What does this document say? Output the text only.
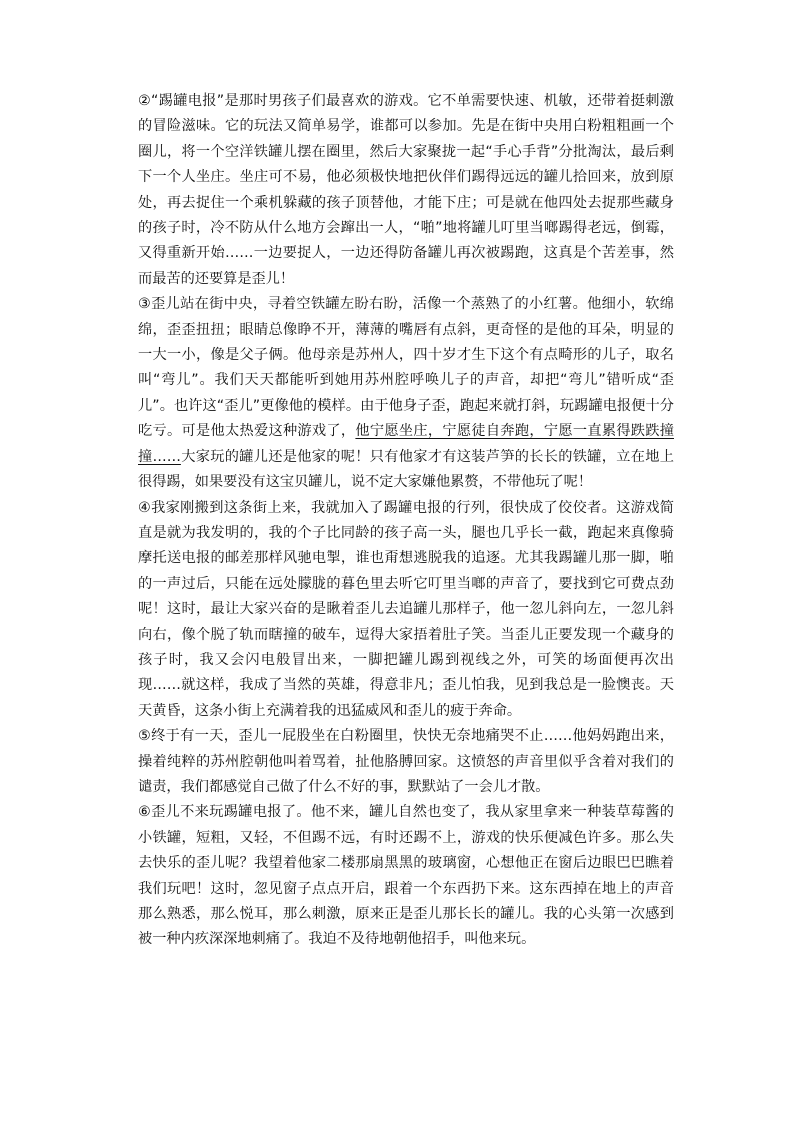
②“踢罐电报”是那时男孩子们最喜欢的游戏。它不单需要快速、机敏，还带着挺刺激的冒险滋味。它的玩法又简单易学，谁都可以参加。先是在街中央用白粉粗粗画一个圈儿，将一个空洋铁罐儿摆在圈里，然后大家聚拢一起“手心手背”分批淘汰，最后剩下一个人坐庄。坐庄可不易，他必须极快地把伙伴们踢得远远的罐儿拾回来，放到原处，再去捉住一个乘机躲藏的孩子顶替他，才能下庄；可是就在他四处去捉那些藏身的孩子时，冷不防从什么地方会蹿出一人，“啪”地将罐儿叮里当啷踢得老远，倒霉，又得重新开始……一边要捉人，一边还得防备罐儿再次被踢跑，这真是个苦差事，然而最苦的还要算是歪儿！

③歪儿站在街中央，寻着空铁罐左盼右盼，活像一个蒸熟了的小红薯。他细小，软绵绵，歪歪扭扭；眼睛总像睁不开，薄薄的嘴唇有点斜，更奇怪的是他的耳朵，明显的一大一小，像是父子俩。他母亲是苏州人，四十岁才生下这个有点畸形的儿子，取名叫“弯儿”。我们天天都能听到她用苏州腔呼唤儿子的声音，却把“弯儿”错听成“歪儿”。也许这“歪儿”更像他的模样。由于他身子歪，跑起来就打斜，玩踢罐电报便十分吃亏。可是他太热爱这种游戏了，他宁愿坐庄，宁愿徒自奔跑，宁愿一直累得跌跌撞撞……大家玩的罐儿还是他家的呢！只有他家才有这装芦笋的长长的铁罐，立在地上很得踢，如果要没有这宝贝罐儿，说不定大家嫌他累赘，不带他玩了呢！

④我家刚搬到这条街上来，我就加入了踢罐电报的行列，很快成了佼佼者。这游戏简直是就为我发明的，我的个子比同龄的孩子高一头，腿也几乎长一截，跑起来真像骑摩托送电报的邮差那样风驰电掣，谁也甭想逃脱我的追逐。尤其我踢罐儿那一脚，啪的一声过后，只能在远处朦胧的暮色里去听它叮里当啷的声音了，要找到它可费点劲呢！这时，最让大家兴奋的是瞅着歪儿去追罐儿那样子，他一忽儿斜向左，一忽儿斜向右，像个脱了轨而瞎撞的破车，逗得大家捂着肚子笑。当歪儿正要发现一个藏身的孩子时，我又会闪电般冒出来，一脚把罐儿踢到视线之外，可笑的场面便再次出现……就这样，我成了当然的英雄，得意非凡；歪儿怕我，见到我总是一脸懊丧。天天黄昏，这条小街上充满着我的迅猛威风和歪儿的疲于奔命。

⑤终于有一天，歪儿一屁股坐在白粉圈里，快快无奈地痛哭不止……他妈妈跑出来，操着纯粹的苏州腔朝他叫着骂着，扯他胳膊回家。这愤怒的声音里似乎含着对我们的谴责，我们都感觉自己做了什么不好的事，默默站了一会儿才散。

⑥歪儿不来玩踢罐电报了。他不来，罐儿自然也变了，我从家里拿来一种装草莓酱的小铁罐，短粗，又轻，不但踢不远，有时还踢不上，游戏的快乐便减色许多。那么失去快乐的歪儿呢？我望着他家二楼那扇黑黑的玻璃窗，心想他正在窗后边眼巴巴瞧着我们玩吧！这时，忽见窗子点点开启，跟着一个东西扔下来。这东西掉在地上的声音那么熟悉，那么悦耳，那么刺激，原来正是歪儿那长长的罐儿。我的心头第一次感到被一种内疚深深地刺痛了。我迫不及待地朝他招手，叫他来玩。
